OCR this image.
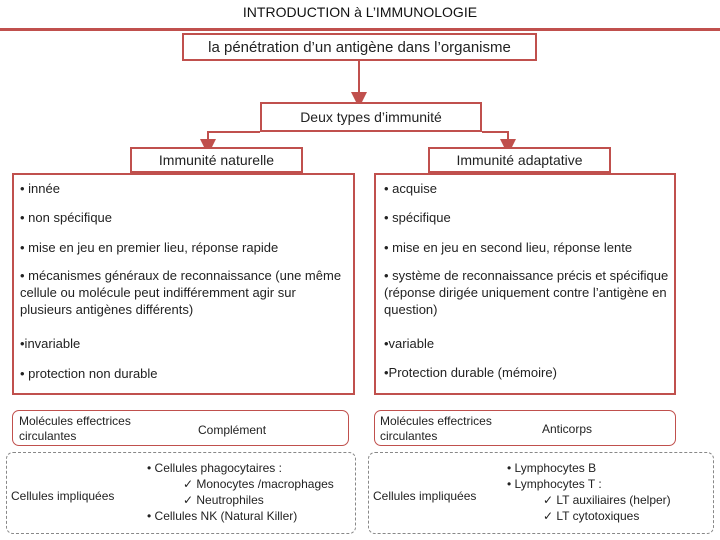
INTRODUCTION à L’IMMUNOLOGIE
la pénétration d’un antigène dans l’organisme
Deux types d’immunité
Immunité naturelle	Immunité adaptative
• innée
• non spécifique
• mise en jeu en premier lieu, réponse rapide
• mécanismes généraux de reconnaissance (une même cellule ou molécule peut indifféremment agir sur plusieurs antigènes différents)
•invariable
• protection non durable
• acquise
• spécifique
• mise en jeu en second lieu, réponse lente
• système de reconnaissance précis et spécifique (réponse dirigée uniquement contre l’antigène en question)
•variable
•Protection durable (mémoire)
Molécules effectrices circulantes	Complément
Molécules effectrices circulantes	Anticorps
Cellules impliquées
• Cellules phagocytaires :
✓ Monocytes /macrophages
✓ Neutrophiles
• Cellules NK (Natural Killer)
Cellules impliquées
• Lymphocytes B
• Lymphocytes T :
✓ LT auxiliaires (helper)
✓ LT cytotoxiques
